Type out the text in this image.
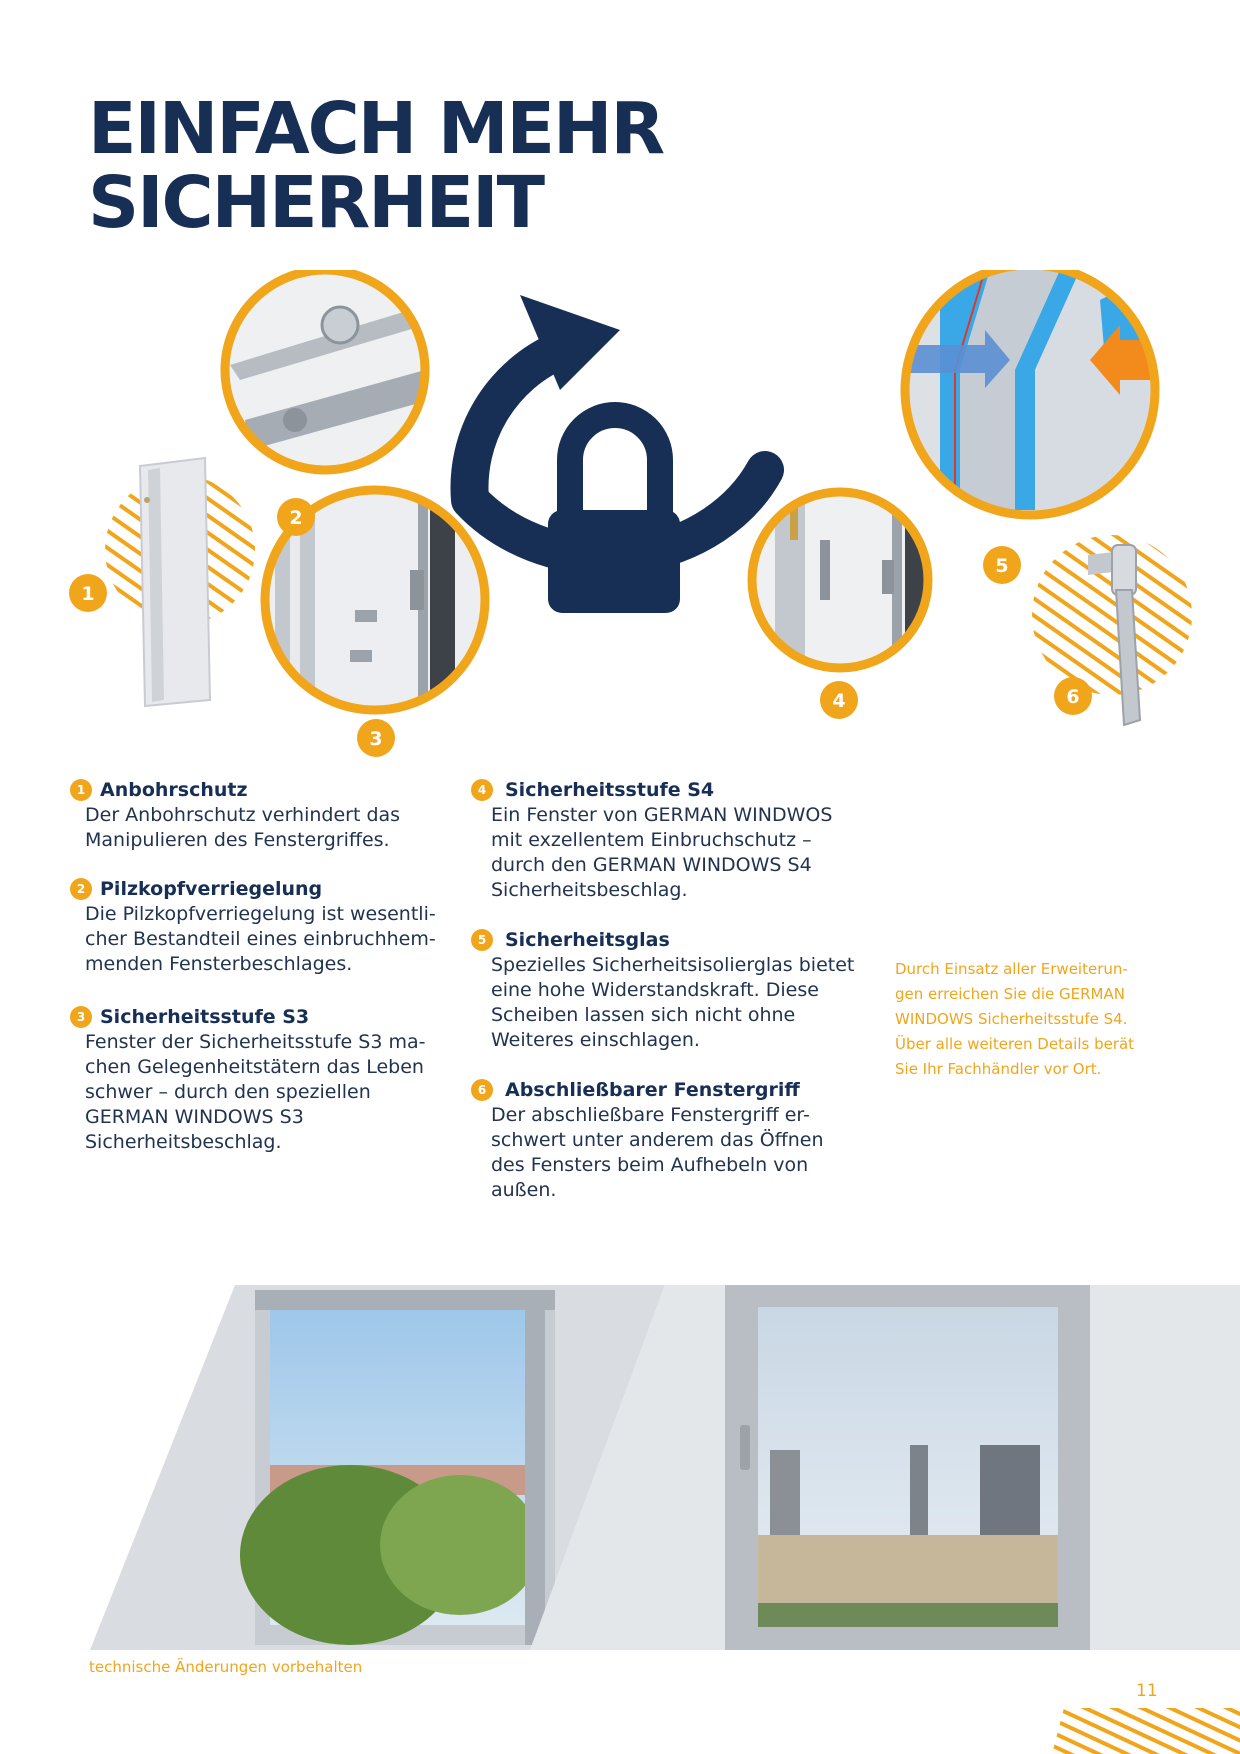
EINFACH MEHR
SICHERHEIT
1
2
3
4
5
6
1 Anbohrschutz
Der Anbohrschutz verhindert das
Manipulieren des Fenstergriffes.
2 Pilzkopfverriegelung
Die Pilzkopfverriegelung ist wesentli-
cher Bestandteil eines einbruchhem-
menden Fensterbeschlages.
3 Sicherheitsstufe S3
Fenster der Sicherheitsstufe S3 ma-
chen Gelegenheitstätern das Leben
schwer – durch den speziellen
GERMAN WINDOWS S3
Sicherheitsbeschlag.
4 Sicherheitsstufe S4
Ein Fenster von GERMAN WINDWOS
mit exzellentem Einbruchschutz –
durch den GERMAN WINDOWS S4
Sicherheitsbeschlag.
5 Sicherheitsglas
Spezielles Sicherheitsisolierglas bietet
eine hohe Widerstandskraft. Diese
Scheiben lassen sich nicht ohne
Weiteres einschlagen.
6 Abschließbarer Fenstergriff
Der abschließbare Fenstergriff er-
schwert unter anderem das Öffnen
des Fensters beim Aufhebeln von
außen.
Durch Einsatz aller Erweiterun-
gen erreichen Sie die GERMAN
WINDOWS Sicherheitsstufe S4.
Über alle weiteren Details berät
Sie Ihr Fachhändler vor Ort.
technische Änderungen vorbehalten
11
